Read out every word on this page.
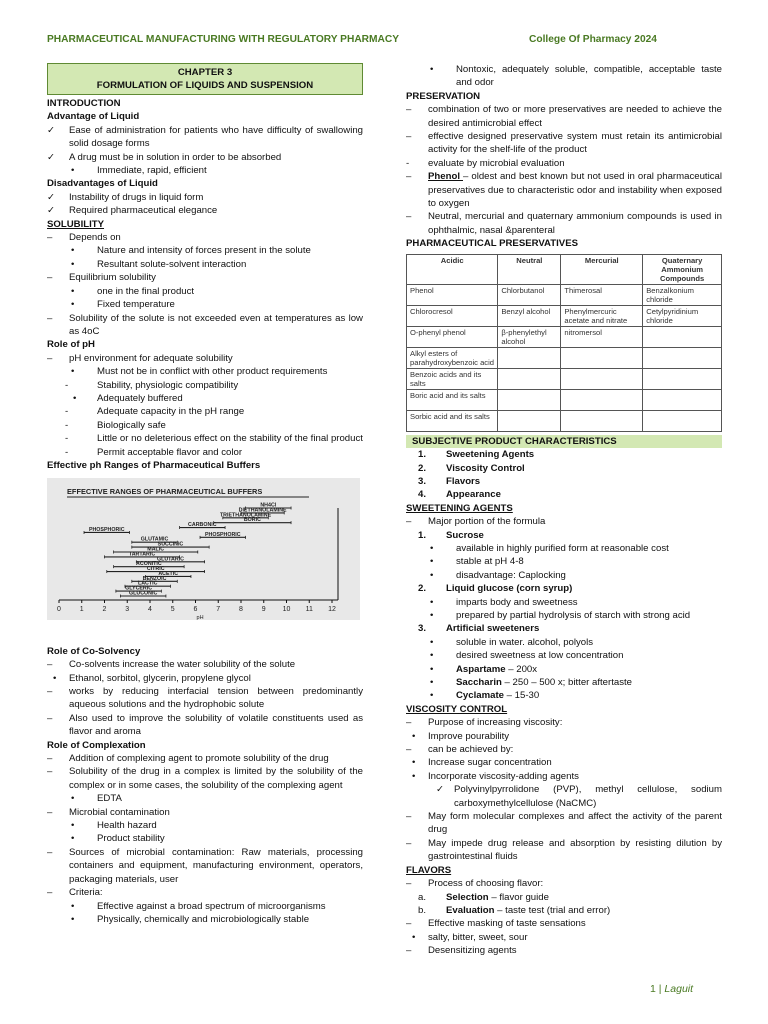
PHARMACEUTICAL MANUFACTURING WITH REGULATORY PHARMACY	College Of Pharmacy 2024
CHAPTER 3
FORMULATION OF LIQUIDS AND SUSPENSION
INTRODUCTION
Advantage of Liquid
✓	Ease of administration for patients who have difficulty of swallowing solid dosage forms
✓	A drug must be in solution in order to be absorbed
•	Immediate, rapid, efficient
Disadvantages of Liquid
✓	Instability of drugs in liquid form
✓	Required pharmaceutical elegance
SOLUBILITY
–	Depends on
•	Nature and intensity of forces present in the solute
•	Resultant solute-solvent interaction
–	Equilibrium solubility
•	one in the final product
•	Fixed temperature
–	Solubility of the solute is not exceeded even at temperatures as low as 4oC
Role of pH
–	pH environment for adequate solubility
•	Must not be in conflict with other product requirements
-	Stability, physiologic compatibility
•	Adequately buffered
-	Adequate capacity in the pH range
-	Biologically safe
-	Little or no deleterious effect on the stability of the final product
-	Permit acceptable flavor and color
Effective ph Ranges of Pharmaceutical Buffers
EFFECTIVE RANGES OF PHARMACEUTICAL BUFFERS
0	1	2	3	4	5	6	7	8	9 10 11 12
pH
NH4Cl
DIETHANOLAMINE
TRIETHANOLAMINE
BORIC
CARBONIC
PHOSPHORIC
PHOSPHORIC
GLUTAMIC
SUCCINIC
MALIC
TARTARIC
GLUTARIC
ACONITIC
CITRIC
ACETIC
BENZOIC
LACTIC
GLYCERIC
GLUCONIC
Role of Co-Solvency
–	Co-solvents increase the water solubility of the solute
•	Ethanol, sorbitol, glycerin, propylene glycol
–	works by reducing interfacial tension between predominantly aqueous solutions and the hydrophobic solute
–	Also used to improve the solubility of volatile constituents used as flavor and aroma
Role of Complexation
–	Addition of complexing agent to promote solubility of the drug
–	Solubility of the drug in a complex is limited by the solubility of the complex or in some cases, the solubility of the complexing agent
•	EDTA
–	Microbial contamination
•	Health hazard
•	Product stability
–	Sources of microbial contamination: Raw materials, processing containers and equipment, manufacturing environment, operators, packaging materials, user
–	Criteria:
•	Effective against a broad spectrum of microorganisms
•	Physically, chemically and microbiologically stable
•	Nontoxic, adequately soluble, compatible, acceptable taste and odor
PRESERVATION
–	combination of two or more preservatives are needed to achieve the desired antimicrobial effect
–	effective designed preservative system must retain its antimicrobial activity for the shelf-life of the product
-	evaluate by microbial evaluation
–	Phenol – oldest and best known but not used in oral pharmaceutical preservatives due to characteristic odor and instability when exposed to oxygen
–	Neutral, mercurial and quaternary ammonium compounds is used in ophthalmic, nasal &parenteral
PHARMACEUTICAL PRESERVATIVES
Acidic	Neutral	Mercurial	Quaternary Ammonium Compounds
Phenol	Chlorbutanol	Thimerosal	Benzalkonium chloride
Chlorocresol	Benzyl alcohol	Phenylmercuric acetate and nitrate	Cetylpyridinium chloride
O-phenyl phenol	β-phenylethyl alcohol	nitromersol	
Alkyl esters of parahydroxybenzoic acid			
Benzoic acids and its salts			
Boric acid and its salts			
Sorbic acid and its salts			
SUBJECTIVE PRODUCT CHARACTERISTICS
1.	Sweetening Agents
2.	Viscosity Control
3.	Flavors
4.	Appearance
SWEETENING AGENTS
–	Major portion of the formula
1.	Sucrose
•	available in highly purified form at reasonable cost
•	stable at pH 4-8
•	disadvantage: Caplocking
2.	Liquid glucose (corn syrup)
•	imparts body and sweetness
•	prepared by partial hydrolysis of starch with strong acid
3.	Artificial sweeteners
•	soluble in water. alcohol, polyols
•	desired sweetness at low concentration
•	Aspartame – 200x
•	Saccharin – 250 – 500 x; bitter aftertaste
•	Cyclamate – 15-30
VISCOSITY CONTROL
–	Purpose of increasing viscosity:
•	Improve pourability
–	can be achieved by:
•	Increase sugar concentration
•	Incorporate viscosity-adding agents
✓	Polyvinylpyrrolidone (PVP), methyl cellulose, sodium carboxymethylcellulose (NaCMC)
–	May form molecular complexes and affect the activity of the parent drug
–	May impede drug release and absorption by resisting dilution by gastrointestinal fluids
FLAVORS
–	Process of choosing flavor:
a.	Selection – flavor guide
b.	Evaluation – taste test (trial and error)
–	Effective masking of taste sensations
•	salty, bitter, sweet, sour
–	Desensitizing agents
1 | Laguit
